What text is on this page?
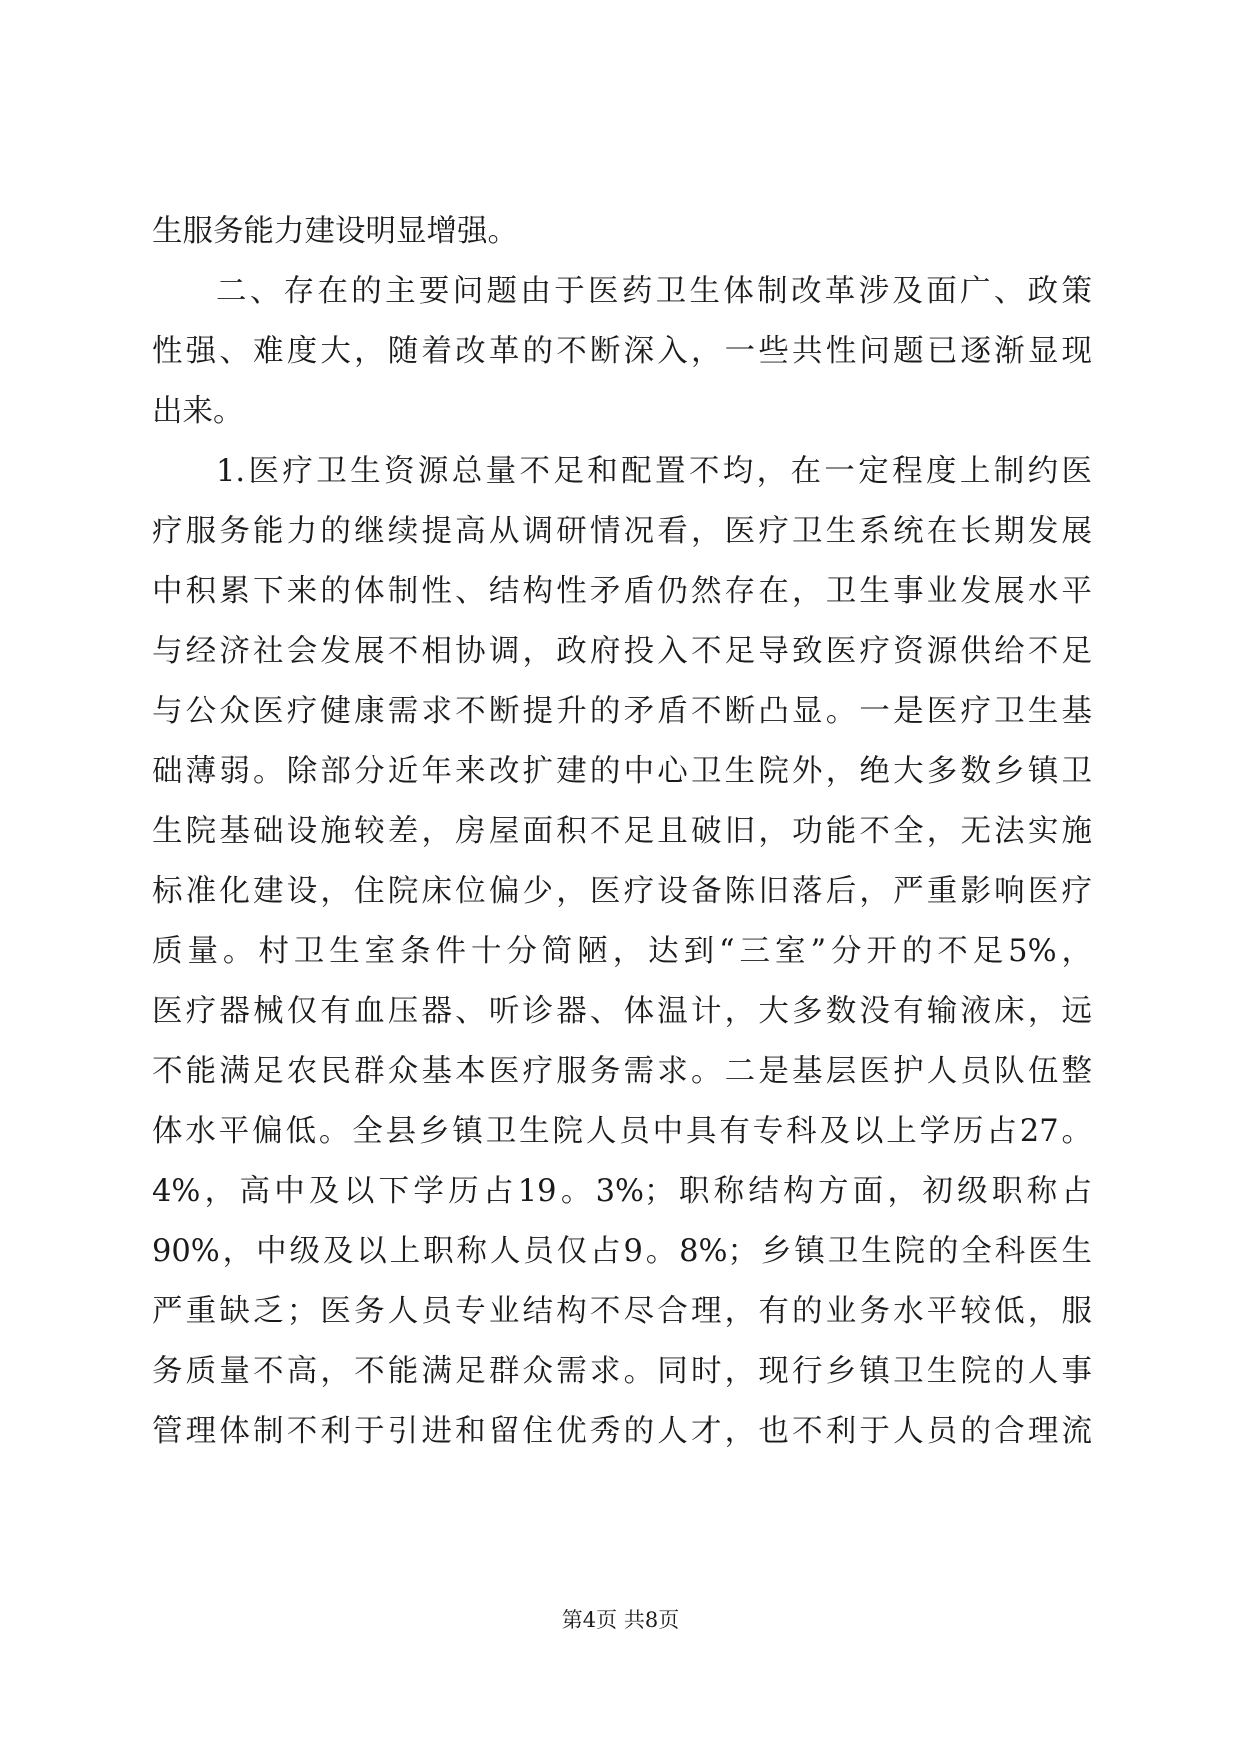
生服务能力建设明显增强。
二、存在的主要问题由于医药卫生体制改革涉及面广、政策
性强、难度大，随着改革的不断深入，一些共性问题已逐渐显现
出来。
1.医疗卫生资源总量不足和配置不均，在一定程度上制约医
疗服务能力的继续提高从调研情况看，医疗卫生系统在长期发展
中积累下来的体制性、结构性矛盾仍然存在，卫生事业发展水平
与经济社会发展不相协调，政府投入不足导致医疗资源供给不足
与公众医疗健康需求不断提升的矛盾不断凸显。一是医疗卫生基
础薄弱。除部分近年来改扩建的中心卫生院外，绝大多数乡镇卫
生院基础设施较差，房屋面积不足且破旧，功能不全，无法实施
标准化建设，住院床位偏少，医疗设备陈旧落后，严重影响医疗
质量。村卫生室条件十分简陋，达到“三室”分开的不足5%，
医疗器械仅有血压器、听诊器、体温计，大多数没有输液床，远
不能满足农民群众基本医疗服务需求。二是基层医护人员队伍整
体水平偏低。全县乡镇卫生院人员中具有专科及以上学历占27。
4%，高中及以下学历占19。3%；职称结构方面，初级职称占
90%，中级及以上职称人员仅占9。8%；乡镇卫生院的全科医生
严重缺乏；医务人员专业结构不尽合理，有的业务水平较低，服
务质量不高，不能满足群众需求。同时，现行乡镇卫生院的人事
管理体制不利于引进和留住优秀的人才，也不利于人员的合理流
第4页 共8页
